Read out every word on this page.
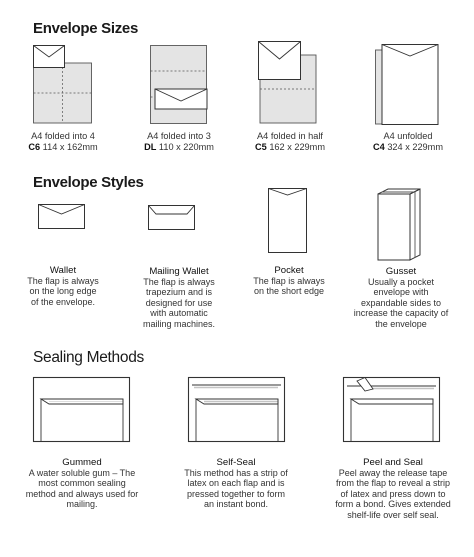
Envelope Sizes
Envelope Styles
Sealing Methods
A4 folded into 4
C6 114 x 162mm
A4 folded into 3
DL 110 x 220mm
A4 folded in half
C5 162 x 229mm
A4 unfolded
C4 324 x 229mm
Wallet
The flap is always
on the long edge
of the envelope.
Mailing Wallet
The flap is always
trapezium and is
designed for use
with automatic
mailing machines.
Pocket
The flap is always
on the short edge
Gusset
Usually a pocket
envelope with
expandable sides to
increase the capacity of
the envelope
Gummed
A water soluble gum – The
most common sealing
method and always used for
mailing.
Self-Seal
This method has a strip of
latex on each flap and is
pressed together to form
an instant bond.
Peel and Seal
Peel away the release tape
from the flap to reveal a strip
of latex and press down to
form a bond. Gives extended
shelf-life over self seal.
